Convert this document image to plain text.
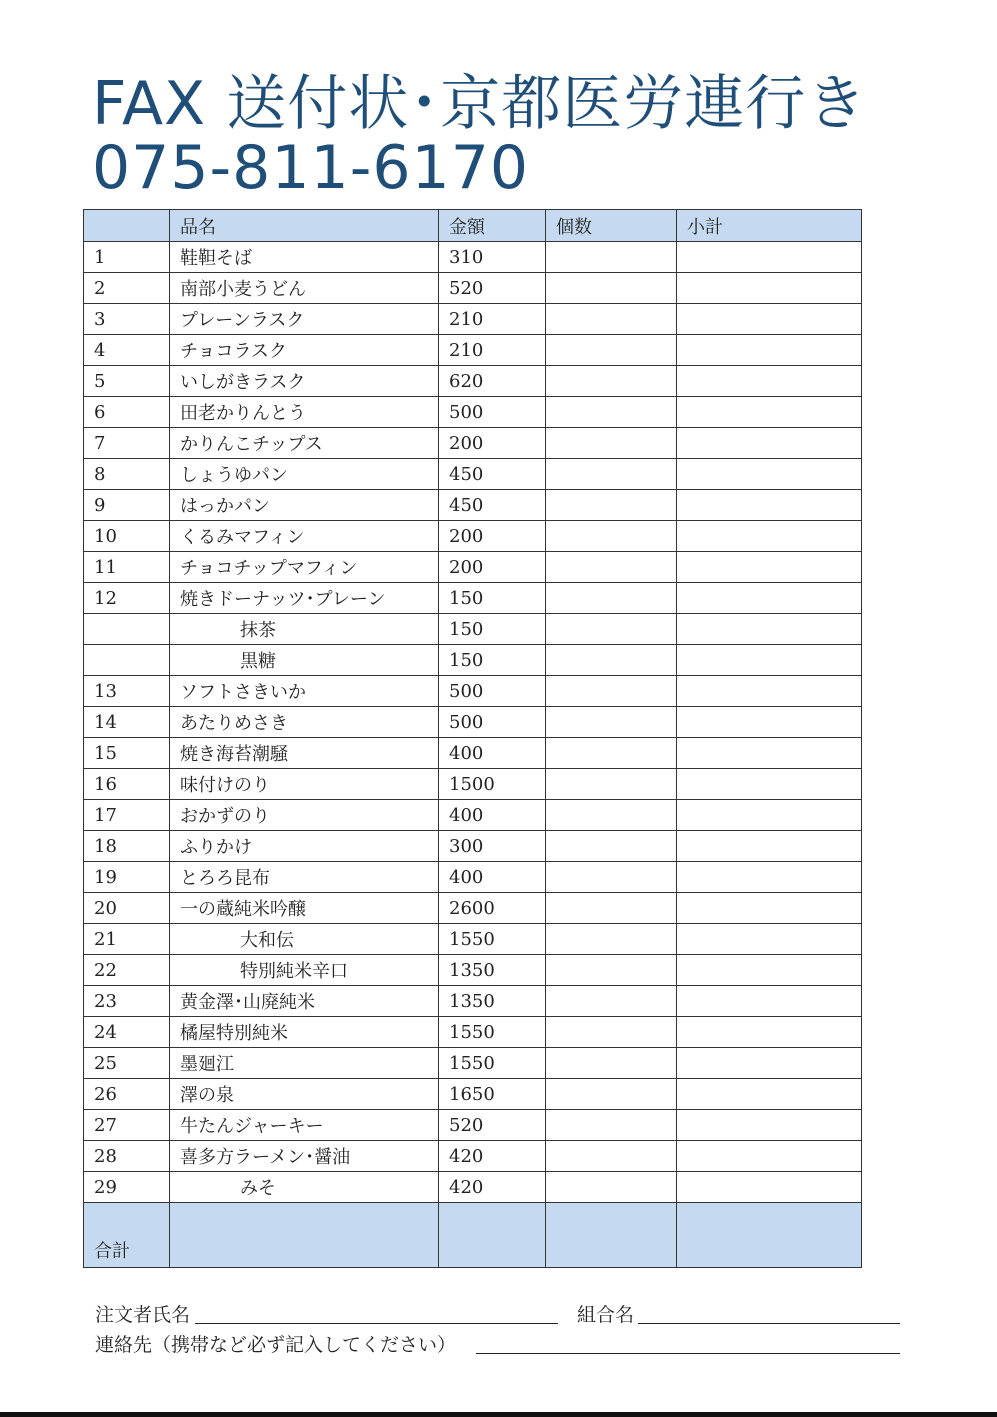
FAX 送付状･京都医労連行き
075-811-6170
	品名	金額	個数	小計
1	鞋靼そば	310		
2	南部小麦うどん	520		
3	プレーンラスク	210		
4	チョコラスク	210		
5	いしがきラスク	620		
6	田老かりんとう	500		
7	かりんこチップス	200		
8	しょうゆパン	450		
9	はっかパン	450		
10	くるみマフィン	200		
11	チョコチップマフィン	200		
12	焼きドーナッツ･プレーン	150		
	抹茶	150		
	黒糖	150		
13	ソフトさきいか	500		
14	あたりめさき	500		
15	焼き海苔潮騒	400		
16	味付けのり	1500		
17	おかずのり	400		
18	ふりかけ	300		
19	とろろ昆布	400		
20	一の蔵純米吟醸	2600		
21	大和伝	1550		
22	特別純米辛口	1350		
23	黄金澤･山廃純米	1350		
24	橘屋特別純米	1550		
25	墨廻江	1550		
26	澤の泉	1650		
27	牛たんジャーキー	520		
28	喜多方ラーメン･醤油	420		
29	みそ	420		
合計				
注文者氏名	組合名
連絡先（携帯など必ず記入してください）
